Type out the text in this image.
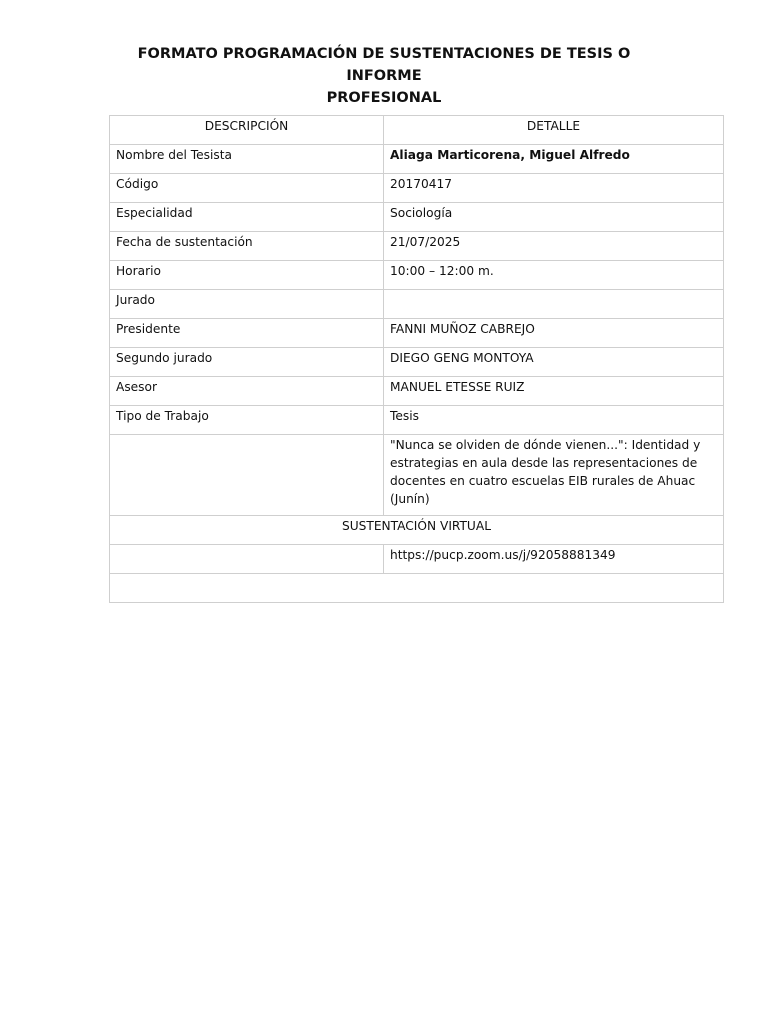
FORMATO PROGRAMACIÓN DE SUSTENTACIONES DE TESIS O INFORME
PROFESIONAL
DESCRIPCIÓN	DETALLE
Nombre del Tesista	Aliaga Marticorena, Miguel Alfredo
Código	20170417
Especialidad	Sociología
Fecha de sustentación	21/07/2025
Horario	10:00 – 12:00 m.
Jurado	
Presidente	FANNI MUÑOZ CABREJO
Segundo jurado	DIEGO GENG MONTOYA
Asesor	MANUEL ETESSE RUIZ
Tipo de Trabajo	Tesis
	"Nunca se olviden de dónde vienen...": Identidad y estrategias en aula desde las representaciones de docentes en cuatro escuelas EIB rurales de Ahuac (Junín)
SUSTENTACIÓN VIRTUAL	
	https://pucp.zoom.us/j/92058881349
